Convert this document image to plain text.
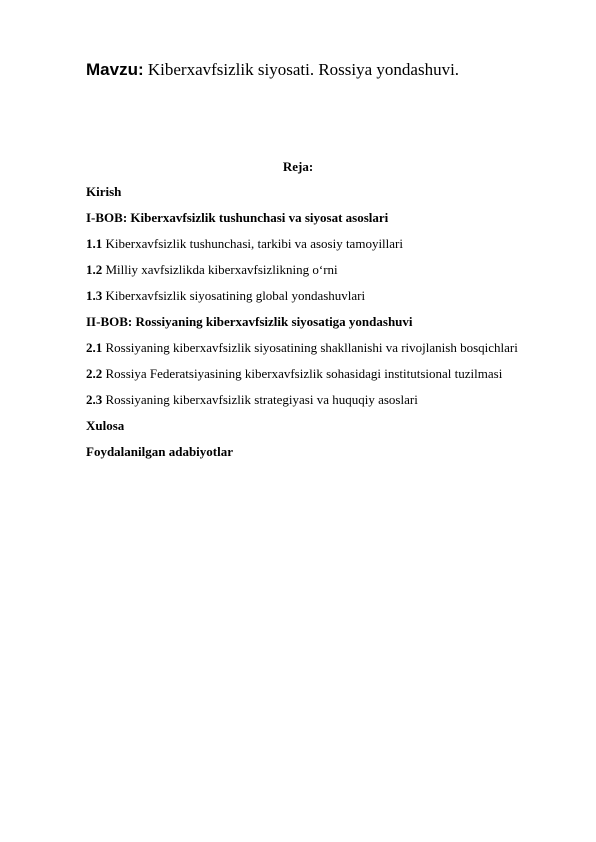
Mavzu: Kiberxavfsizlik siyosati. Rossiya yondashuvi.
Reja:
Kirish
I-BOB: Kiberxavfsizlik tushunchasi va siyosat asoslari
1.1 Kiberxavfsizlik tushunchasi, tarkibi va asosiy tamoyillari
1.2 Milliy xavfsizlikda kiberxavfsizlikning o‘rni
1.3 Kiberxavfsizlik siyosatining global yondashuvlari
II-BOB: Rossiyaning kiberxavfsizlik siyosatiga yondashuvi
2.1 Rossiyaning kiberxavfsizlik siyosatining shakllanishi va rivojlanish bosqichlari
2.2 Rossiya Federatsiyasining kiberxavfsizlik sohasidagi institutsional tuzilmasi
2.3 Rossiyaning kiberxavfsizlik strategiyasi va huquqiy asoslari
Xulosa
Foydalanilgan adabiyotlar
